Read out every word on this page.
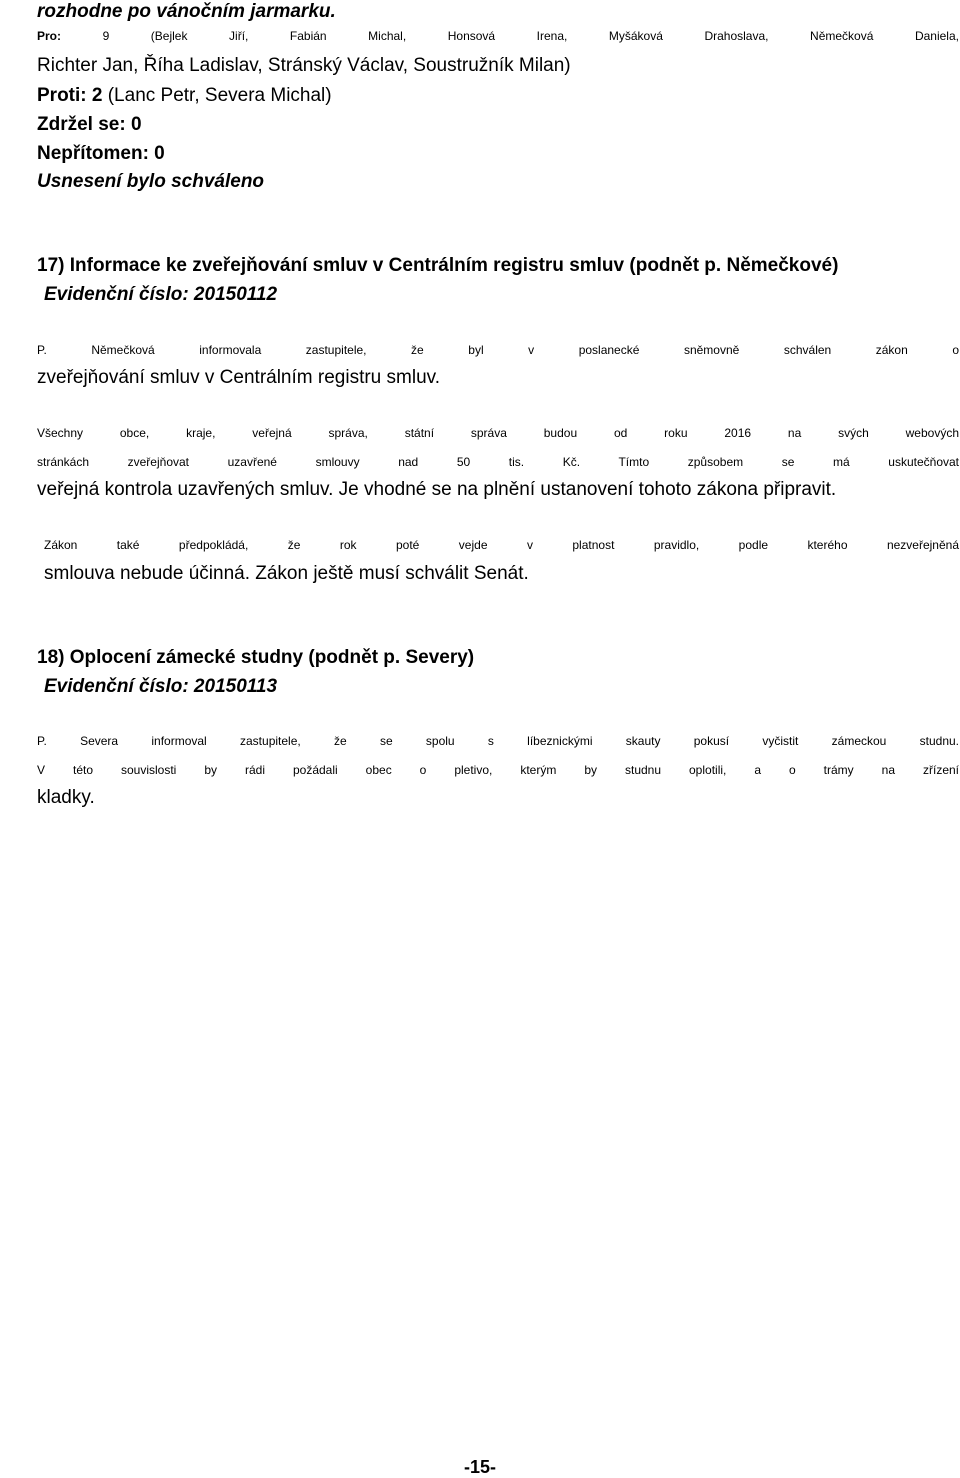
rozhodne po vánočním jarmarku.
Pro:	9 (Bejlek Jiří, Fabián Michal, Honsová Irena, Myšáková Drahoslava, Němečková Daniela,
Richter Jan, Říha Ladislav, Stránský Václav, Soustružník Milan)
Proti: 2 (Lanc Petr, Severa Michal)
Zdržel se: 0
Nepřítomen: 0
Usnesení bylo schváleno
17) Informace ke zveřejňování smluv v Centrálním registru smluv (podnět p. Němečkové)
Evidenční číslo: 20150112
P. Němečková informovala zastupitele, že byl v poslanecké sněmovně schválen zákon o
zveřejňování smluv v Centrálním registru smluv.
Všechny obce, kraje, veřejná správa, státní správa budou od roku 2016 na svých webových
stránkách zveřejňovat uzavřené smlouvy nad 50 tis. Kč. Tímto způsobem se má uskutečňovat
veřejná kontrola uzavřených smluv. Je vhodné se na plnění ustanovení tohoto zákona připravit.
Zákon také předpokládá, že rok poté vejde v platnost pravidlo, podle kterého nezveřejněná
smlouva nebude účinná. Zákon ještě musí schválit Senát.
18) Oplocení zámecké studny (podnět p. Severy)
Evidenční číslo: 20150113
P. Severa informoval zastupitele, že se spolu s líbeznickými skauty pokusí vyčistit zámeckou studnu.
V této souvislosti by rádi požádali obec o pletivo, kterým by studnu oplotili, a o trámy na zřízení
kladky.
-15-
